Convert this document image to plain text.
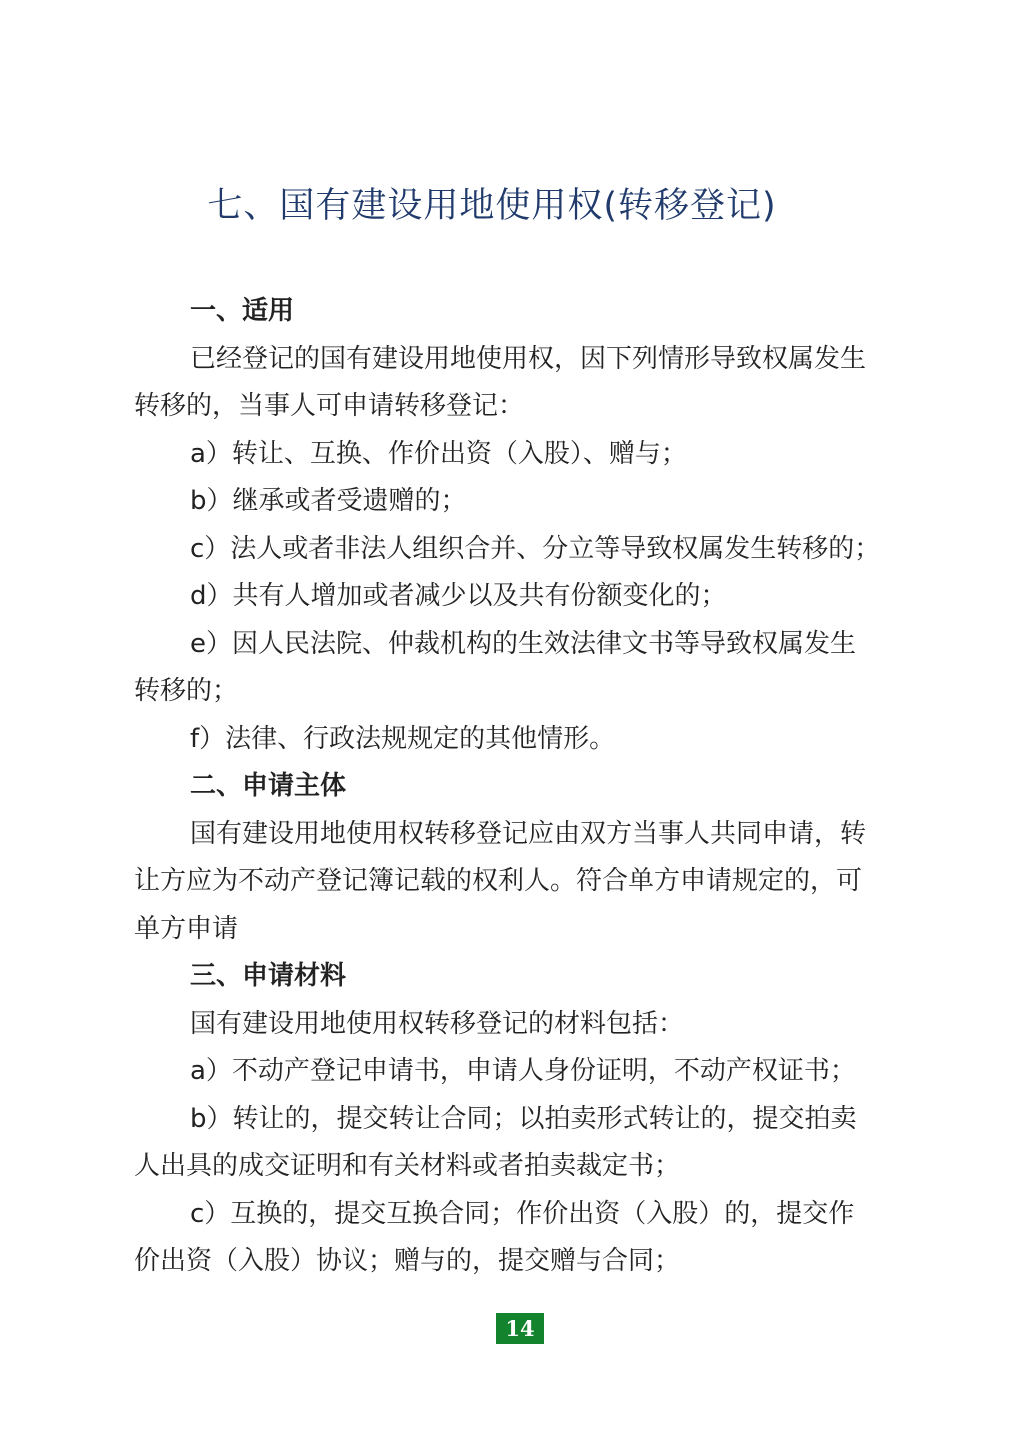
七、国有建设用地使用权(转移登记)
一、适用
已经登记的国有建设用地使用权，因下列情形导致权属发生
转移的，当事人可申请转移登记：
a）转让、互换、作价出资（入股）、赠与；
b）继承或者受遗赠的；
c）法人或者非法人组织合并、分立等导致权属发生转移的；
d）共有人增加或者减少以及共有份额变化的；
e）因人民法院、仲裁机构的生效法律文书等导致权属发生
转移的；
f）法律、行政法规规定的其他情形。
二、申请主体
国有建设用地使用权转移登记应由双方当事人共同申请，转
让方应为不动产登记簿记载的权利人。符合单方申请规定的，可
单方申请
三、申请材料
国有建设用地使用权转移登记的材料包括：
a）不动产登记申请书，申请人身份证明，不动产权证书；
b）转让的，提交转让合同；以拍卖形式转让的，提交拍卖
人出具的成交证明和有关材料或者拍卖裁定书；
c）互换的，提交互换合同；作价出资（入股）的，提交作
价出资（入股）协议；赠与的，提交赠与合同；
14
